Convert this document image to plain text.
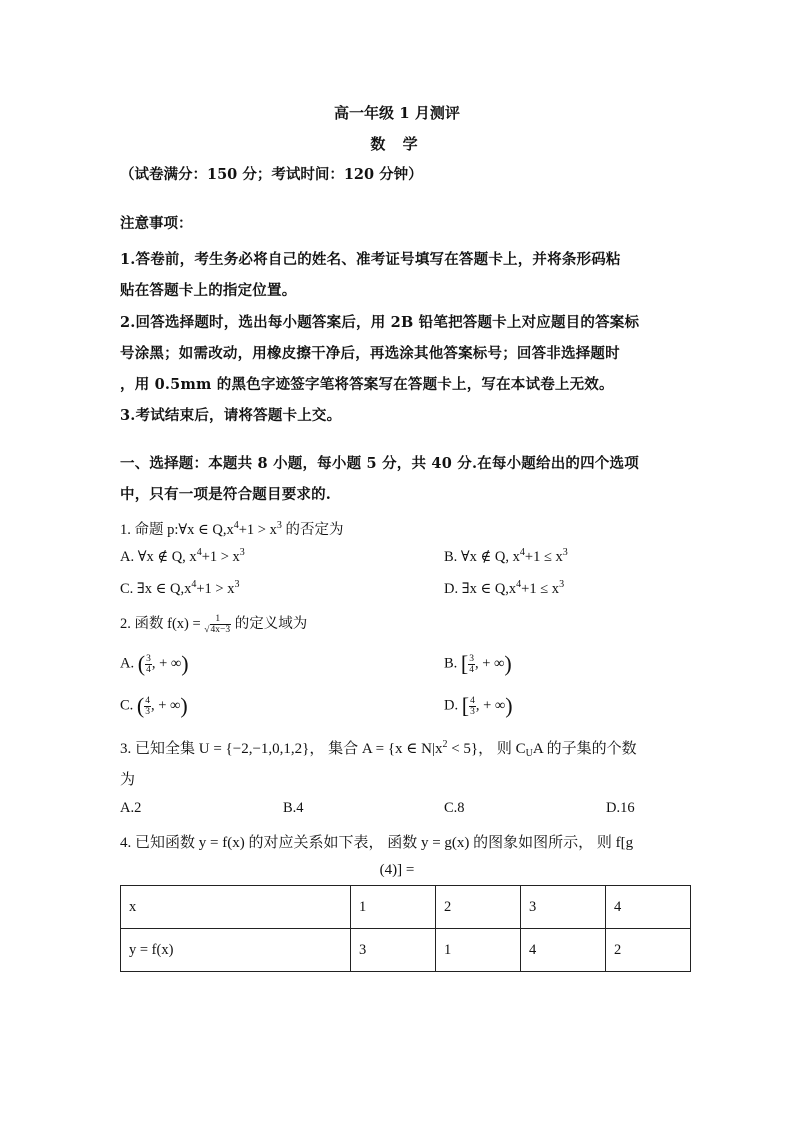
高一年级 1 月测评
数 学
（试卷满分：150 分；考试时间：120 分钟）
注意事项：
1.答卷前，考生务必将自己的姓名、准考证号填写在答题卡上，并将条形码粘
贴在答题卡上的指定位置。
2.回答选择题时，选出每小题答案后，用 2B 铅笔把答题卡上对应题目的答案标
号涂黑；如需改动，用橡皮擦干净后，再选涂其他答案标号；回答非选择题时
，用 0.5mm 的黑色字迹签字笔将答案写在答题卡上，写在本试卷上无效。
3.考试结束后，请将答题卡上交。
一、选择题：本题共 8 小题，每小题 5 分，共 40 分.在每小题给出的四个选项
中，只有一项是符合题目要求的.
1. 命题 p:∀x ∈ $Q,x^4+1 > x^3$ 的否定为
A. ∀x ∉ Q, $x^4+1 > x^3$	B. ∀x ∉ Q, $x^4+1 \le x^3$
C. ∃x ∈ $Q,x^4+1 > x^3$	D. ∃x ∈ $Q,x^4+1 \le x^3$
2. 函数 $f(x) = \frac{1}{√4x-3}$ 的定义域为
A. ( $\frac{3}{4}$ , + ∞)	B. [ $\frac{3}{4}$ , + ∞)
C. ( $\frac{4}{3}$ , + ∞)	D. [ $\frac{4}{3}$ , + ∞)
3. 已知全集 U = {−2,−1,0,1,2}， 集合 A = {x ∈ $N|x^2 < 5$}， 则 $C_UA$ 的子集的个数
为
A.2	B.4	C.8	D.16
4. 已知函数 y = f(x) 的对应关系如下表， 函数 y = g(x) 的图象如图所示， 则 f[g
(4)] =
x	1	2	3	4
y = f(x)	3	1	4	2
